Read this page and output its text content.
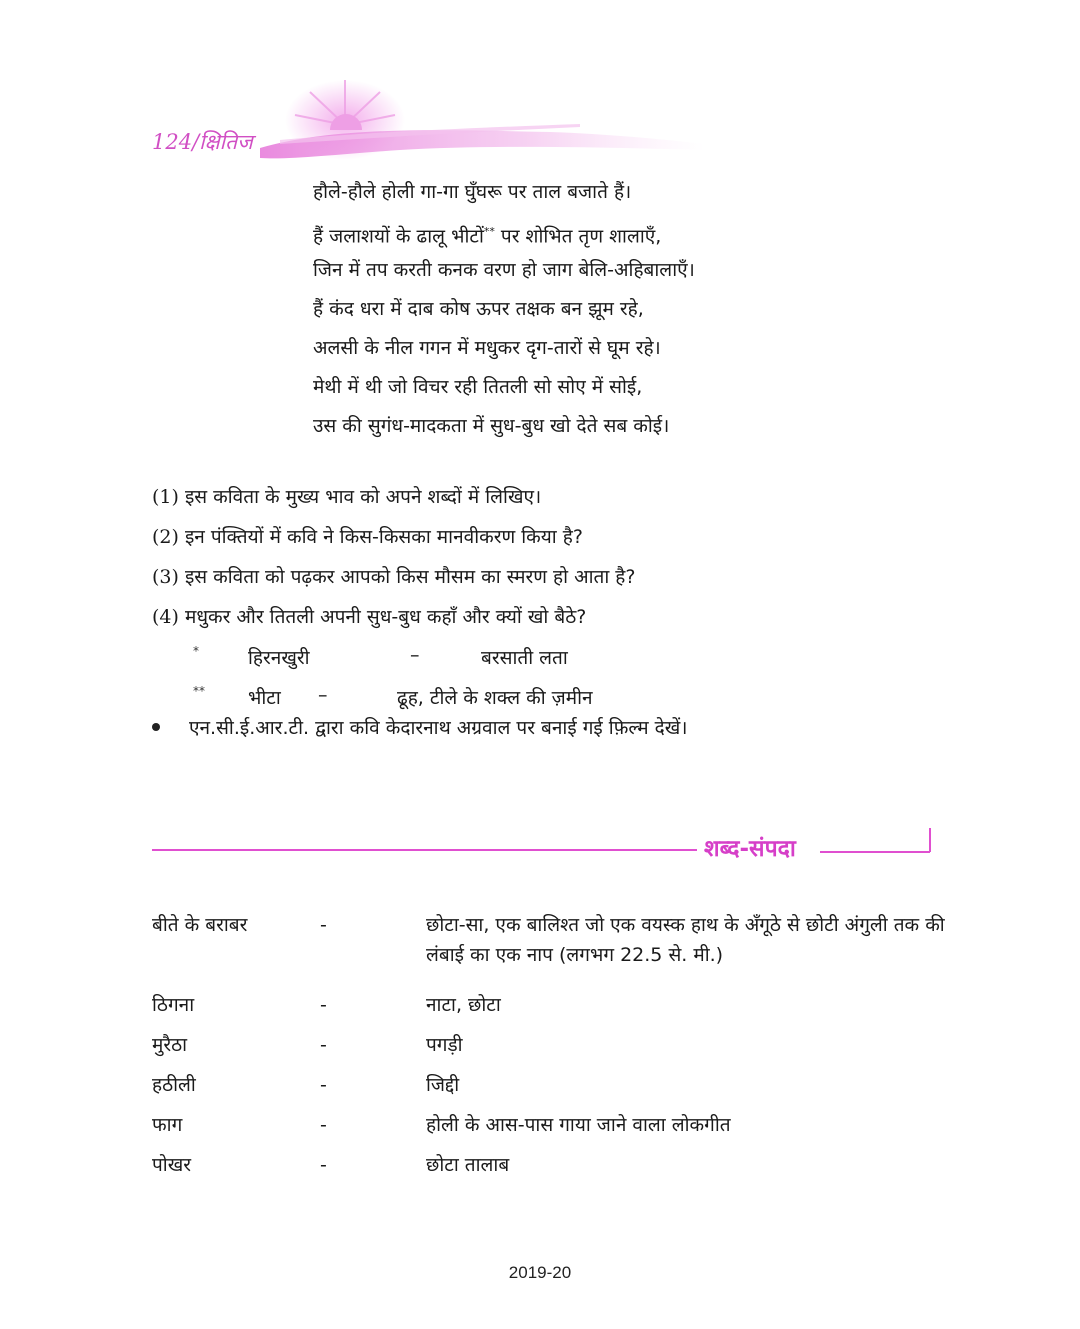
124/क्षितिज
हौले-हौले होली गा-गा घुँघरू पर ताल बजाते हैं।
हैं जलाशयों के ढालू भीटों** पर शोभित तृण शालाएँ,
जिन में तप करती कनक वरण हो जाग बेलि-अहिबालाएँ।
हैं कंद धरा में दाब कोष ऊपर तक्षक बन झूम रहे,
अलसी के नील गगन में मधुकर दृग-तारों से घूम रहे।
मेथी में थी जो विचर रही तितली सो सोए में सोई,
उस की सुगंध-मादकता में सुध-बुध खो देते सब कोई।
(1) इस कविता के मुख्य भाव को अपने शब्दों में लिखिए।
(2) इन पंक्तियों में कवि ने किस-किसका मानवीकरण किया है?
(3) इस कविता को पढ़कर आपको किस मौसम का स्मरण हो आता है?
(4) मधुकर और तितली अपनी सुध-बुध कहाँ और क्यों खो बैठे?
*	हिरनखुरी	–	बरसाती लता
** भीटा –	ढूह, टीले के शक्ल की ज़मीन
एन.सी.ई.आर.टी. द्वारा कवि केदारनाथ अग्रवाल पर बनाई गई फ़िल्म देखें।
शब्द-संपदा
बीते के बराबर	-	छोटा-सा, एक बालिश्त जो एक वयस्क हाथ के अँगूठे से छोटी अंगुली तक की लंबाई का एक नाप (लगभग 22.5 से. मी.)
ठिगना	-	नाटा, छोटा
मुरैठा	-	पगड़ी
हठीली	-	जिद्दी
फाग	-	होली के आस-पास गाया जाने वाला लोकगीत
पोखर	-	छोटा तालाब
2019-20
